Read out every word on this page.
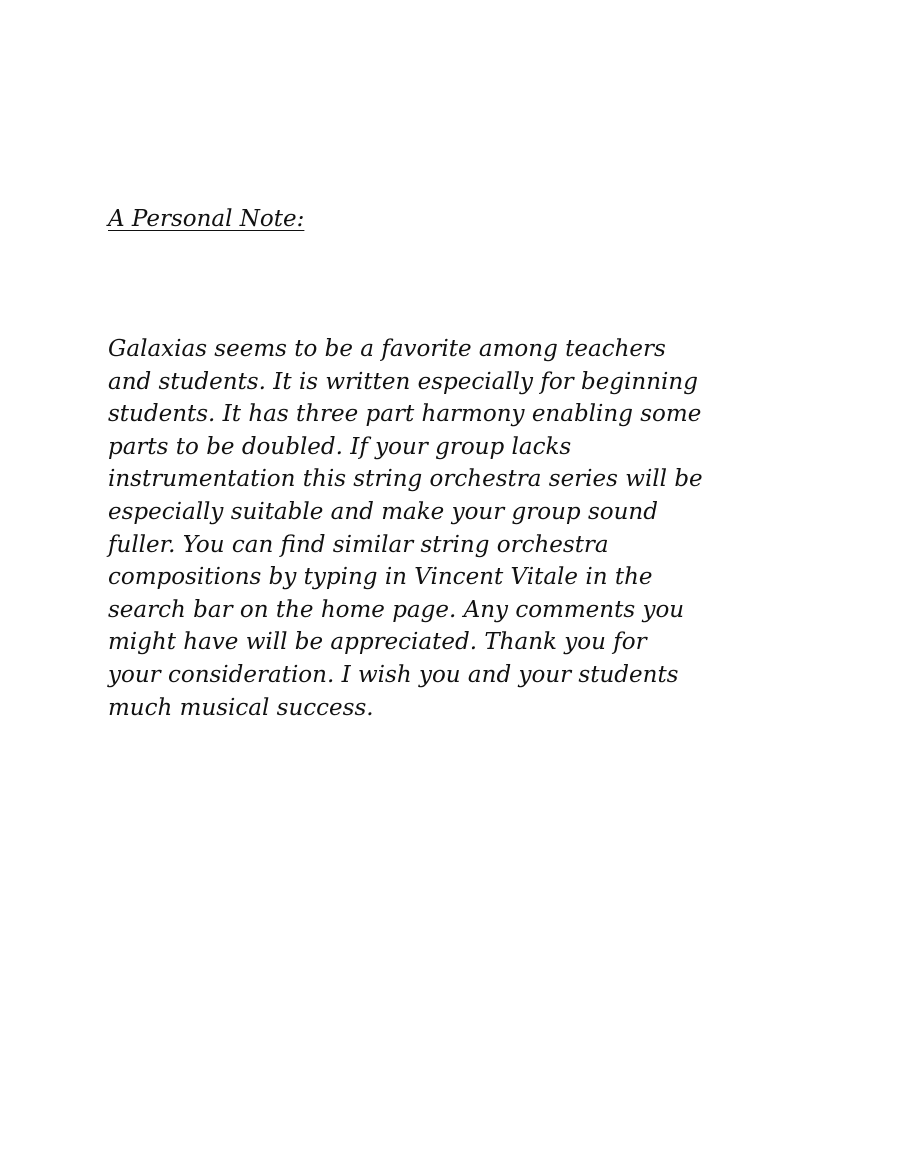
A Personal Note:
Galaxias seems to be a favorite among teachers
and students. It is written especially for beginning
students. It has three part harmony enabling some
parts to be doubled. If your group lacks
instrumentation this string orchestra series will be
especially suitable and make your group sound
fuller. You can find similar string orchestra
compositions by typing in Vincent Vitale in the
search bar on the home page. Any comments you
might have will be appreciated. Thank you for
your consideration. I wish you and your students
much musical success.
